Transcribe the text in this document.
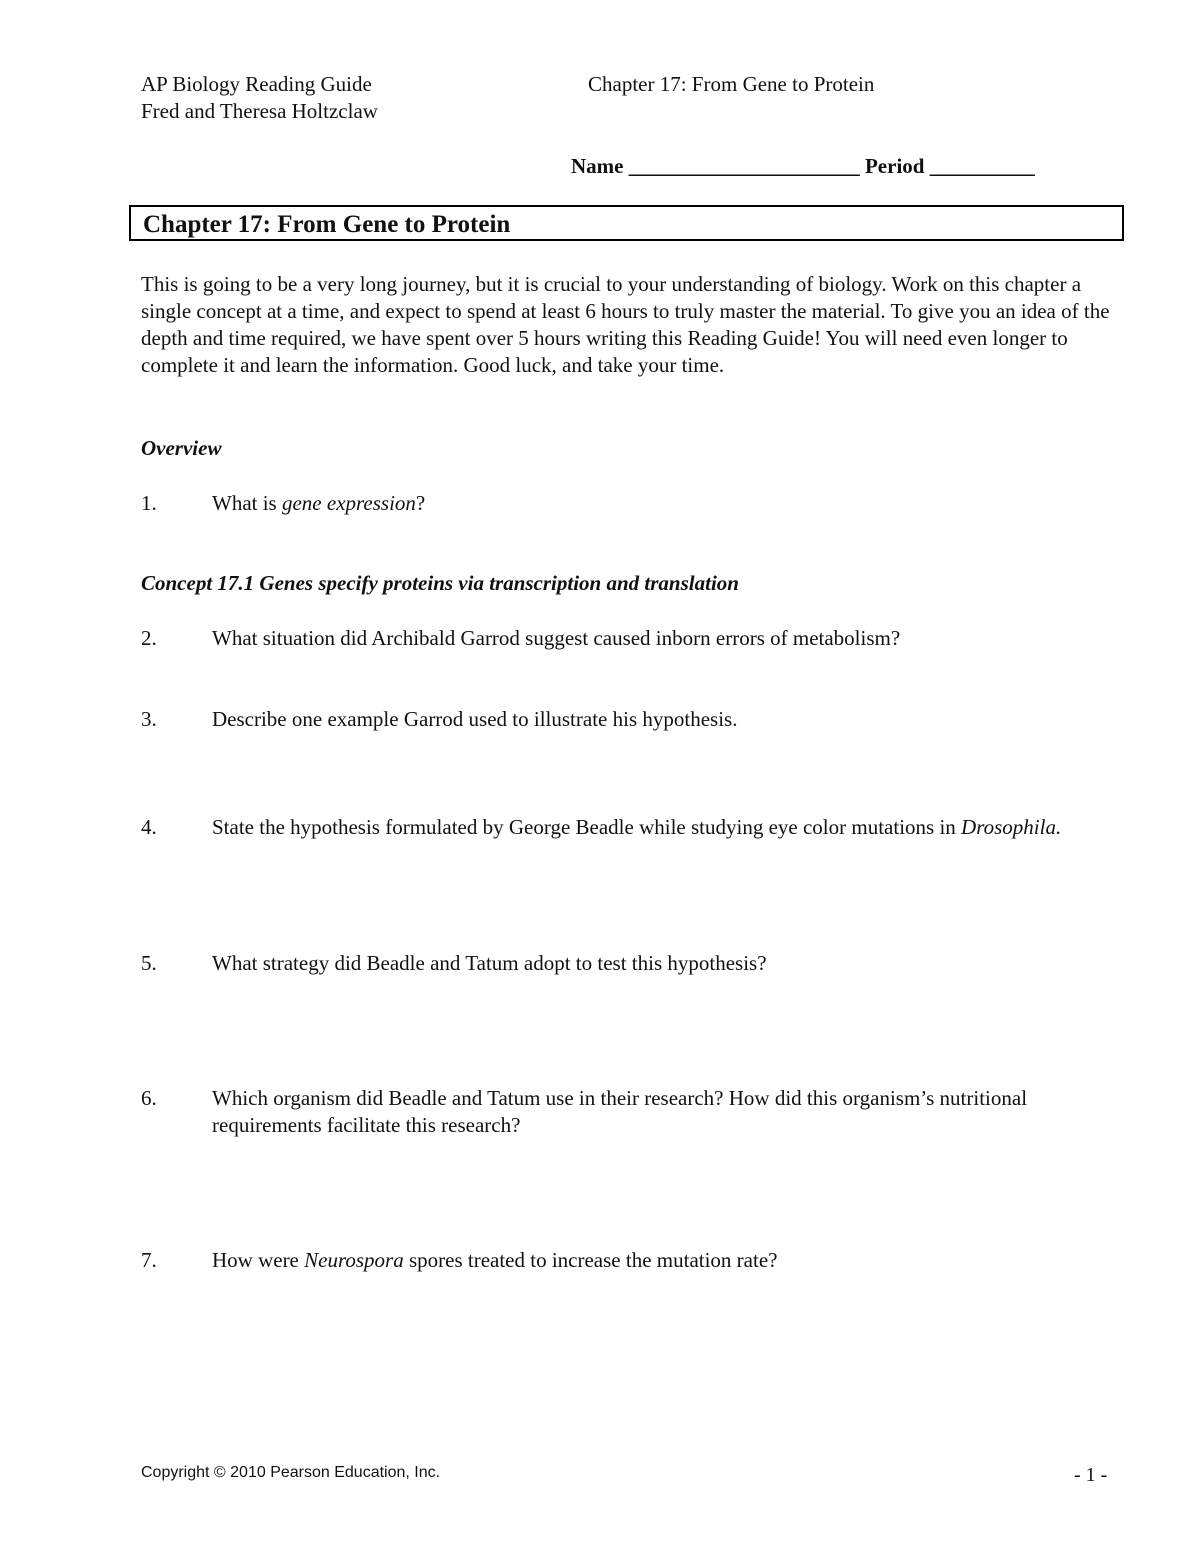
AP Biology Reading Guide
Fred and Theresa Holtzclaw
Chapter 17: From Gene to Protein
Name ______________________ Period __________
Chapter 17: From Gene to Protein
This is going to be a very long journey, but it is crucial to your understanding of biology. Work on this chapter a single concept at a time, and expect to spend at least 6 hours to truly master the material. To give you an idea of the depth and time required, we have spent over 5 hours writing this Reading Guide! You will need even longer to complete it and learn the information. Good luck, and take your time.
Overview
1.	What is gene expression?
Concept 17.1 Genes specify proteins via transcription and translation
2.	What situation did Archibald Garrod suggest caused inborn errors of metabolism?
3.	Describe one example Garrod used to illustrate his hypothesis.
4.	State the hypothesis formulated by George Beadle while studying eye color mutations in Drosophila.
5.	What strategy did Beadle and Tatum adopt to test this hypothesis?
6.	Which organism did Beadle and Tatum use in their research? How did this organism’s nutritional requirements facilitate this research?
7.	How were Neurospora spores treated to increase the mutation rate?
Copyright © 2010 Pearson Education, Inc.	- 1 -
